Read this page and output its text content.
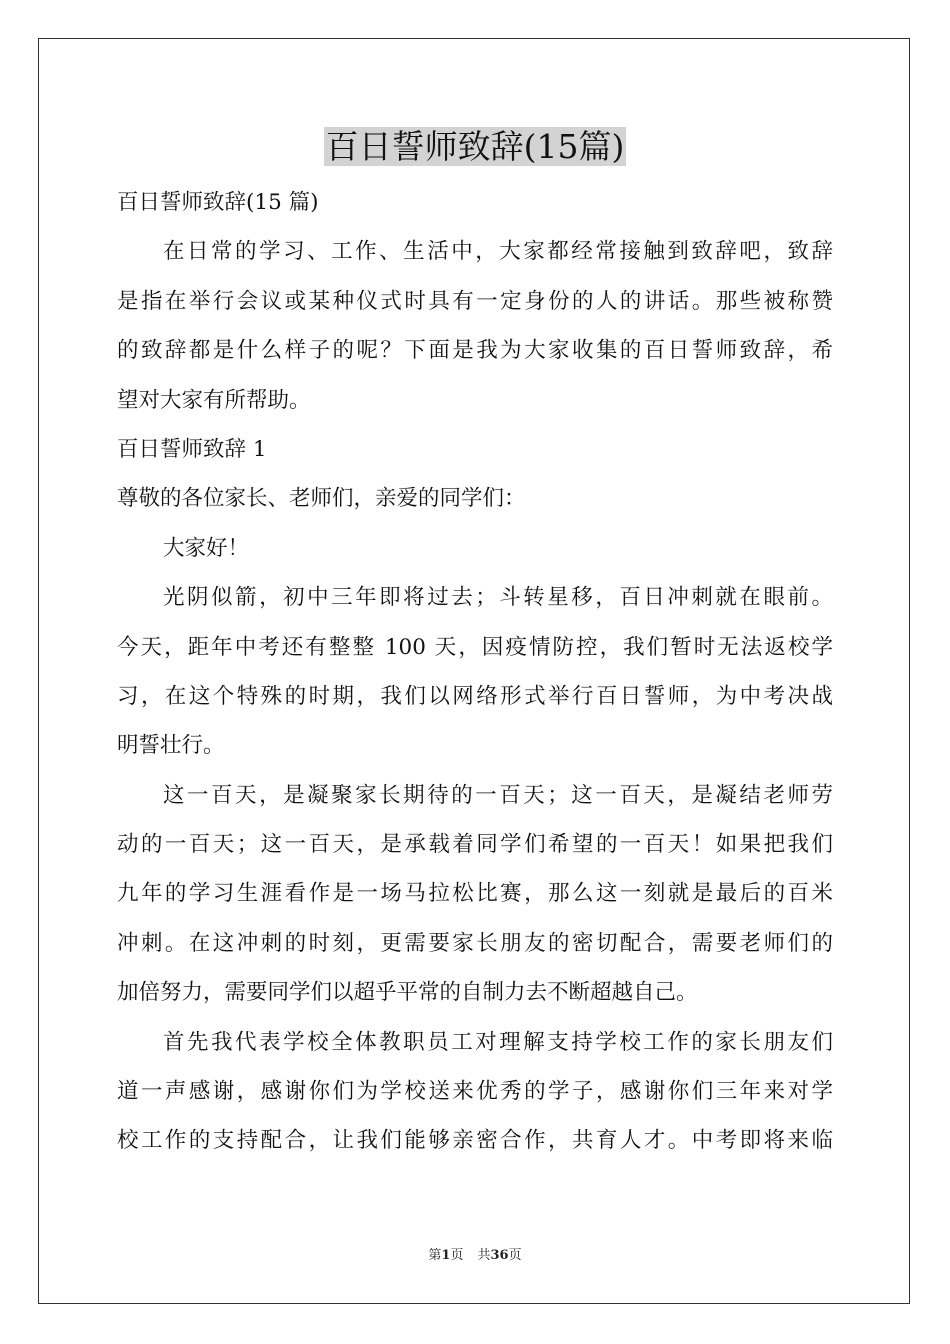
百日誓师致辞(15篇)
百日誓师致辞(15 篇)
在日常的学习、工作、生活中，大家都经常接触到致辞吧，致辞
是指在举行会议或某种仪式时具有一定身份的人的讲话。那些被称赞
的致辞都是什么样子的呢？下面是我为大家收集的百日誓师致辞，希
望对大家有所帮助。
百日誓师致辞 1
尊敬的各位家长、老师们，亲爱的同学们：
大家好！
光阴似箭，初中三年即将过去；斗转星移，百日冲刺就在眼前。
今天，距年中考还有整整 100 天，因疫情防控，我们暂时无法返校学
习，在这个特殊的时期，我们以网络形式举行百日誓师，为中考决战
明誓壮行。
这一百天，是凝聚家长期待的一百天；这一百天，是凝结老师劳
动的一百天；这一百天，是承载着同学们希望的一百天！如果把我们
九年的学习生涯看作是一场马拉松比赛，那么这一刻就是最后的百米
冲刺。在这冲刺的时刻，更需要家长朋友的密切配合，需要老师们的
加倍努力，需要同学们以超乎平常的自制力去不断超越自己。
首先我代表学校全体教职员工对理解支持学校工作的家长朋友们
道一声感谢，感谢你们为学校送来优秀的学子，感谢你们三年来对学
校工作的支持配合，让我们能够亲密合作，共育人才。中考即将来临
第1页 共36页
